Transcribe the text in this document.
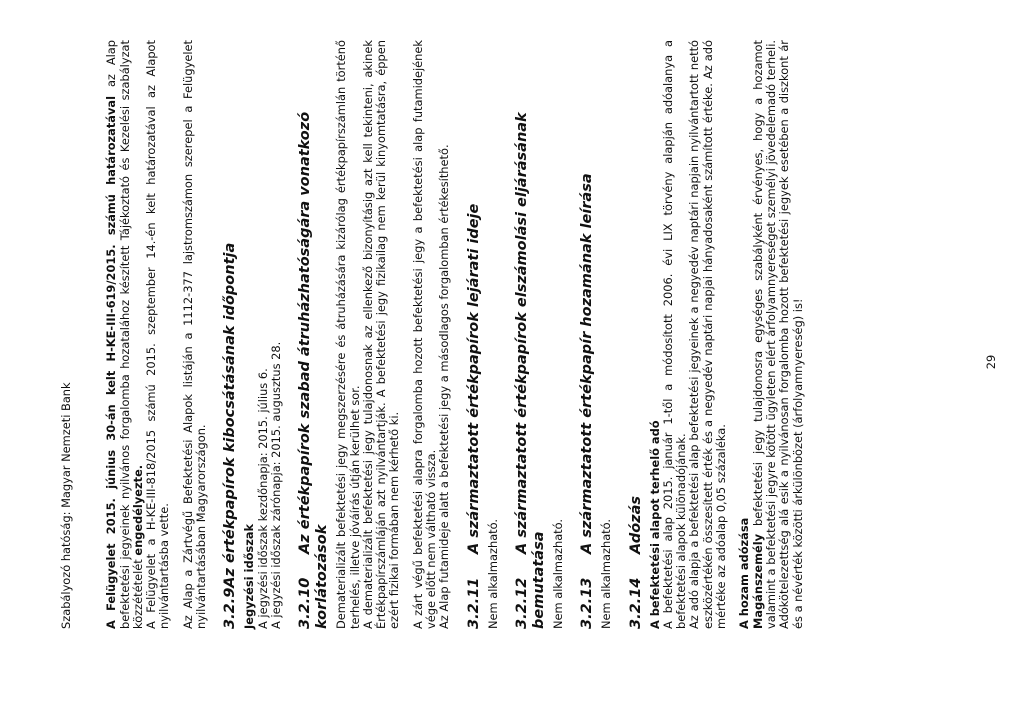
Szabályozó hatóság: Magyar Nemzeti Bank	A Felügyelet 2015. június 30-án kelt H-KE-III-619/2015. számú határozatával az Alap befektetési jegyeinek nyilvános forgalomba hozatalához készített Tájékoztató és Kezelési szabályzat közzétételét engedélyezte.
A Felügyelet a H-KE-III-818/2015 számú 2015. szeptember 14.-én kelt határozatával az Alapot nyilvántartásba vette. Az Alap a Zártvégű Befektetési Alapok listáján a 1112-377 lajstromszámon szerepel a Felügyelet nyilvántartásában Magyarországon. 3.2.9Az értékpapírok kibocsátásának időpontja Jegyzési időszak A jegyzési időszak kezdőnapja: 2015. július 6. A jegyzési időszak zárónapja: 2015. augusztus 28. 3.2.10 Az értékpapírok szabad átruházhatóságára vonatkozó korlátozások Dematerializált befektetési jegy megszerzésére és átruházására kizárólag értékpapírszámlán történő terhelés, illetve jóváírás útján kerülhet sor. A dematerializált befektetési jegy tulajdonosnak az ellenkező bizonyításig azt kell tekinteni, akinek Értékpapírszámláján azt nyilvántartják. A befektetési jegy fizikailag nem kerül kinyomtatásra, éppen ezért fizikai formában nem kérhető ki. A zárt végű befektetési alapra forgalomba hozott befektetési jegy a befektetési alap futamidejének vége előtt nem váltható vissza. Az Alap futamideje alatt a befektetési jegy a másodlagos forgalomban értékesíthető. 3.2.11 A származtatott értékpapírok lejárati ideje

Nem alkalmazható. 3.2.12 A származtatott értékpapírok elszámolási eljárásának bemutatása Nem alkalmazható. 3.2.13 A származtatott értékpapír hozamának leírása

Nem alkalmazható. 3.2.14 Adózás A befektetési alapot terhelő adó A befektetési alap 2015. január 1-től a módosított 2006. évi LIX törvény alapján adóalanya a befektetési alapok különadójának. Az adó alapja a befektetési alap befektetési jegyeinek a negyedév naptári napjain nyilvántartott nettó eszközértékén összesített érték és a negyedév naptári napjai hányadosaként számított értéke. Az adó mértéke az adóalap 0,05 százaléka. A hozam adózása Magánszemély befektetési jegy tulajdonosra egységes szabályként érvényes, hogy a hozamot valamint a befektetési jegyre kötött ügyleten elért árfolyamnyereséget személyi jövedelemadó terheli. Adókötelezettség alá esik a nyilvánosan forgalomba hozott befektetési jegyek esetében a diszkont ár és a névérték közötti árkülönbözet (árfolyamnyereség) is!	29
